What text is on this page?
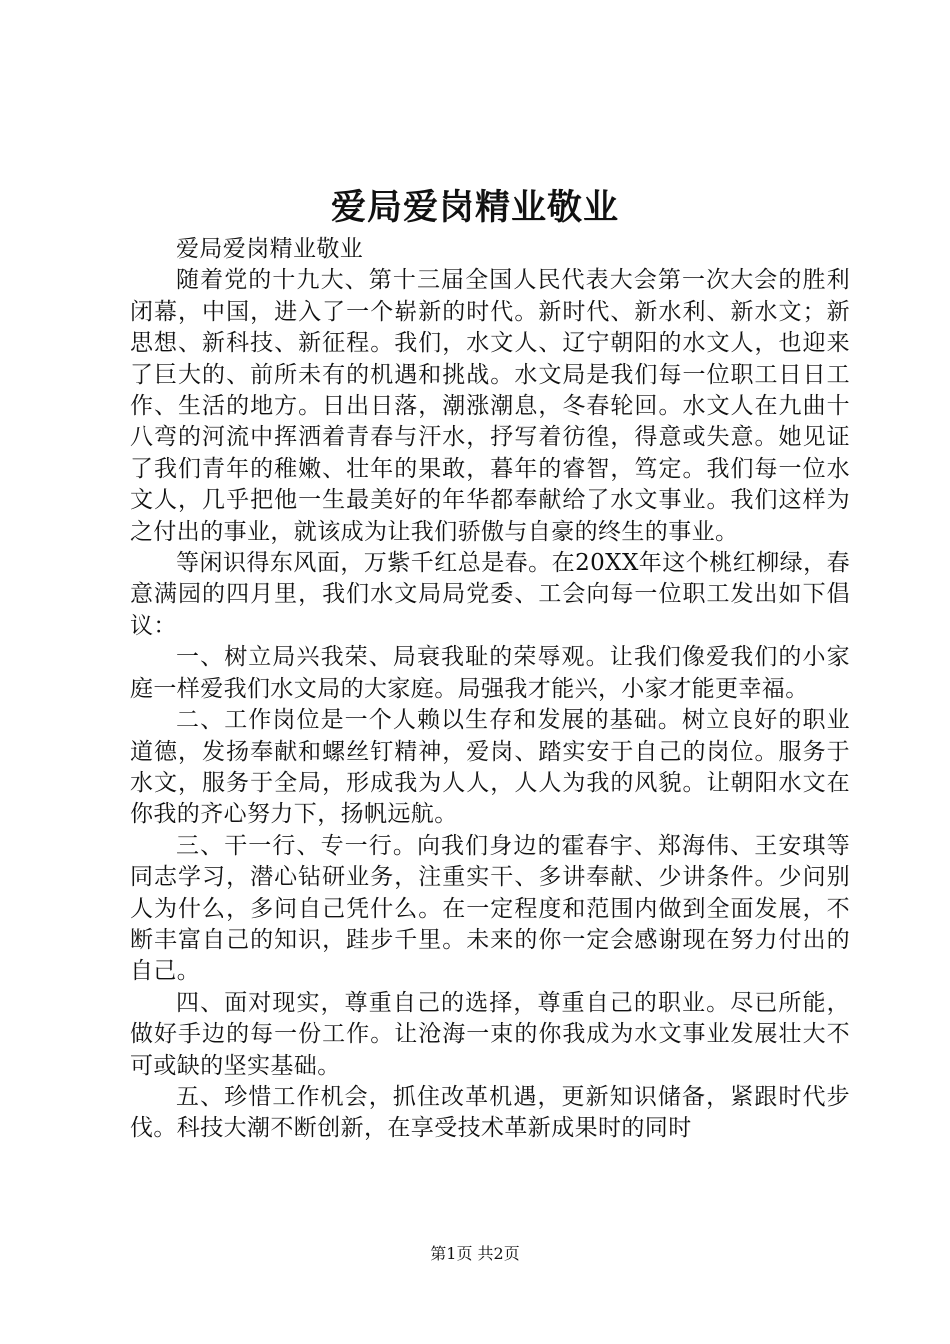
爱局爱岗精业敬业

爱局爱岗精业敬业

随着党的十九大、第十三届全国人民代表大会第一次大会的胜利闭幕，中国，进入了一个崭新的时代。新时代、新水利、新水文；新思想、新科技、新征程。我们，水文人、辽宁朝阳的水文人，也迎来了巨大的、前所未有的机遇和挑战。水文局是我们每一位职工日日工作、生活的地方。日出日落，潮涨潮息，冬春轮回。水文人在九曲十八弯的河流中挥洒着青春与汗水，抒写着彷徨，得意或失意。她见证了我们青年的稚嫩、壮年的果敢，暮年的睿智，笃定。我们每一位水文人，几乎把他一生最美好的年华都奉献给了水文事业。我们这样为之付出的事业，就该成为让我们骄傲与自豪的终生的事业。

等闲识得东风面，万紫千红总是春。在20XX年这个桃红柳绿，春意满园的四月里，我们水文局局党委、工会向每一位职工发出如下倡议：

一、树立局兴我荣、局衰我耻的荣辱观。让我们像爱我们的小家庭一样爱我们水文局的大家庭。局强我才能兴，小家才能更幸福。

二、工作岗位是一个人赖以生存和发展的基础。树立良好的职业道德，发扬奉献和螺丝钉精神，爱岗、踏实安于自己的岗位。服务于水文，服务于全局，形成我为人人，人人为我的风貌。让朝阳水文在你我的齐心努力下，扬帆远航。

三、干一行、专一行。向我们身边的霍春宇、郑海伟、王安琪等同志学习，潜心钻研业务，注重实干、多讲奉献、少讲条件。少问别人为什么，多问自己凭什么。在一定程度和范围内做到全面发展，不断丰富自己的知识，跬步千里。未来的你一定会感谢现在努力付出的自己。

四、面对现实，尊重自己的选择，尊重自己的职业。尽已所能，做好手边的每一份工作。让沧海一束的你我成为水文事业发展壮大不可或缺的坚实基础。

五、珍惜工作机会，抓住改革机遇，更新知识储备，紧跟时代步伐。科技大潮不断创新，在享受技术革新成果时的同时

第1页 共2页
